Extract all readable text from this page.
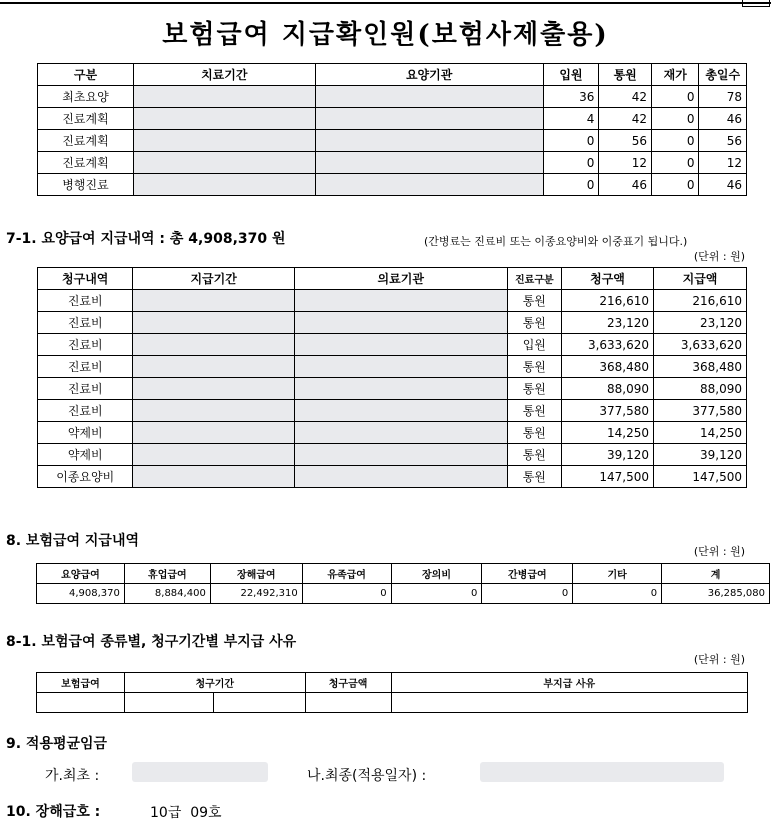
보험급여 지급확인원(보험사제출용)
구분	치료기간	요양기관	입원	통원	재가	총일수
최초요양			36	42	0	78
진료계획			4	42	0	46
진료계획			0	56	0	56
진료계획			0	12	0	12
병행진료			0	46	0	46
7-1. 요양급여 지급내역 : 총 4,908,370 원	(간병료는 진료비 또는 이종요양비와 이중표기 됩니다.)
(단위 : 원)
청구내역	지급기간	의료기관	진료구분	청구액	지급액
진료비			통원	216,610	216,610
진료비			통원	23,120	23,120
진료비			입원	3,633,620	3,633,620
진료비			통원	368,480	368,480
진료비			통원	88,090	88,090
진료비			통원	377,580	377,580
약제비			통원	14,250	14,250
약제비			통원	39,120	39,120
이종요양비			통원	147,500	147,500
8. 보험급여 지급내역
(단위 : 원)
요양급여	휴업급여	장해급여	유족급여	장의비	간병급여	기타	계
4,908,370	8,884,400	22,492,310	0	0	0	0	36,285,080
8-1. 보험급여 종류별, 청구기간별 부지급 사유
(단위 : 원)
보험급여	청구기간		청구금액	부지급 사유

9. 적용평균임금
가.최초 :	나.최종(적용일자) :
10. 장해급호 :	10급  09호
